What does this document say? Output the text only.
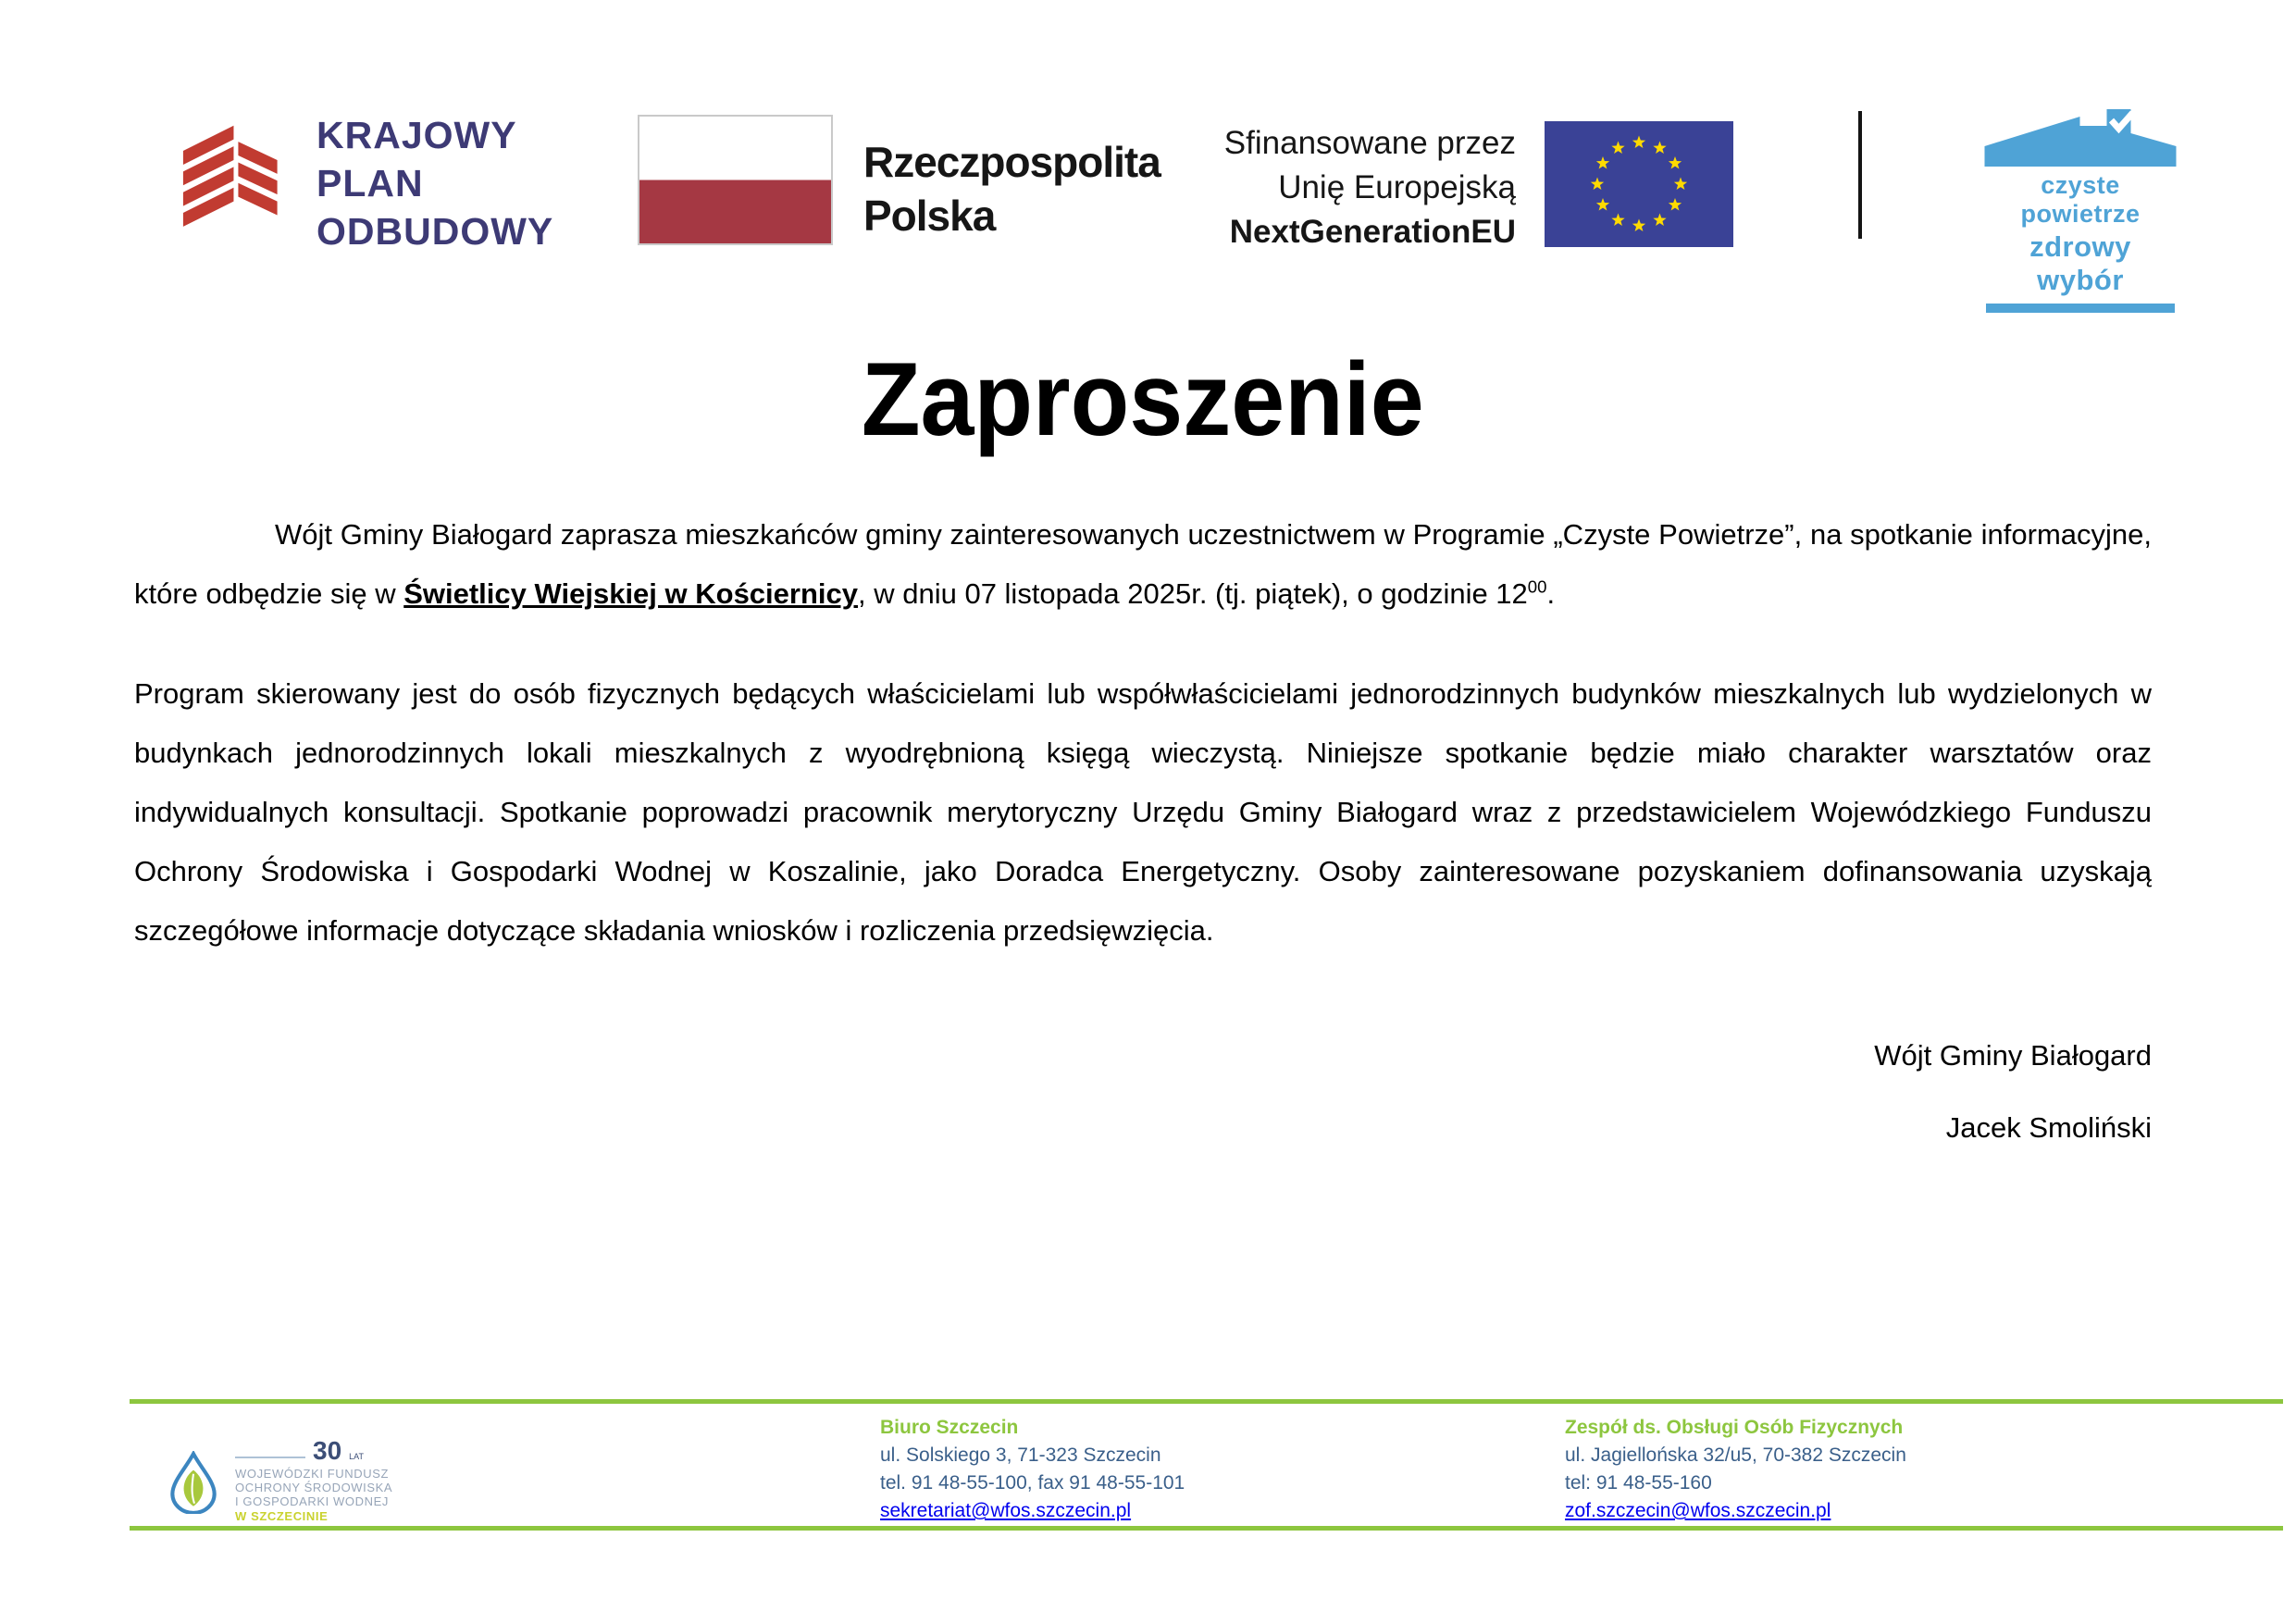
KRAJOWY
PLAN
ODBUDOWY
Rzeczpospolita
Polska
Sfinansowane przez
Unię Europejską
NextGenerationEU
czyste powietrze
zdrowy wybór
Zaproszenie

Wójt Gminy Białogard zaprasza mieszkańców gminy zainteresowanych uczestnictwem w Programie „Czyste Powietrze”, na spotkanie informacyjne, które odbędzie się w Świetlicy Wiejskiej w Kościernicy, w dniu 07 listopada 2025r. (tj. piątek), o godzinie $12^{00}$.

Program skierowany jest do osób fizycznych będących właścicielami lub współwłaścicielami jednorodzinnych budynków mieszkalnych lub wydzielonych w budynkach jednorodzinnych lokali mieszkalnych z wyodrębnioną księgą wieczystą. Niniejsze spotkanie będzie miało charakter warsztatów oraz indywidualnych konsultacji. Spotkanie poprowadzi pracownik merytoryczny Urzędu Gminy Białogard wraz z przedstawicielem Wojewódzkiego Funduszu Ochrony Środowiska i Gospodarki Wodnej w Koszalinie, jako Doradca Energetyczny. Osoby zainteresowane pozyskaniem dofinansowania uzyskają szczegółowe informacje dotyczące składania wniosków i rozliczenia przedsięwzięcia.

Wójt Gminy Białogard
Jacek Smoliński
30 LAT
WOJEWÓDZKI FUNDUSZ
OCHRONY ŚRODOWISKA
I GOSPODARKI WODNEJ
W SZCZECINIE
Biuro Szczecin
ul. Solskiego 3, 71-323 Szczecin
tel. 91 48-55-100, fax 91 48-55-101
sekretariat@wfos.szczecin.pl
Zespół ds. Obsługi Osób Fizycznych
ul. Jagiellońska 32/u5, 70-382 Szczecin
tel: 91 48-55-160
zof.szczecin@wfos.szczecin.pl
